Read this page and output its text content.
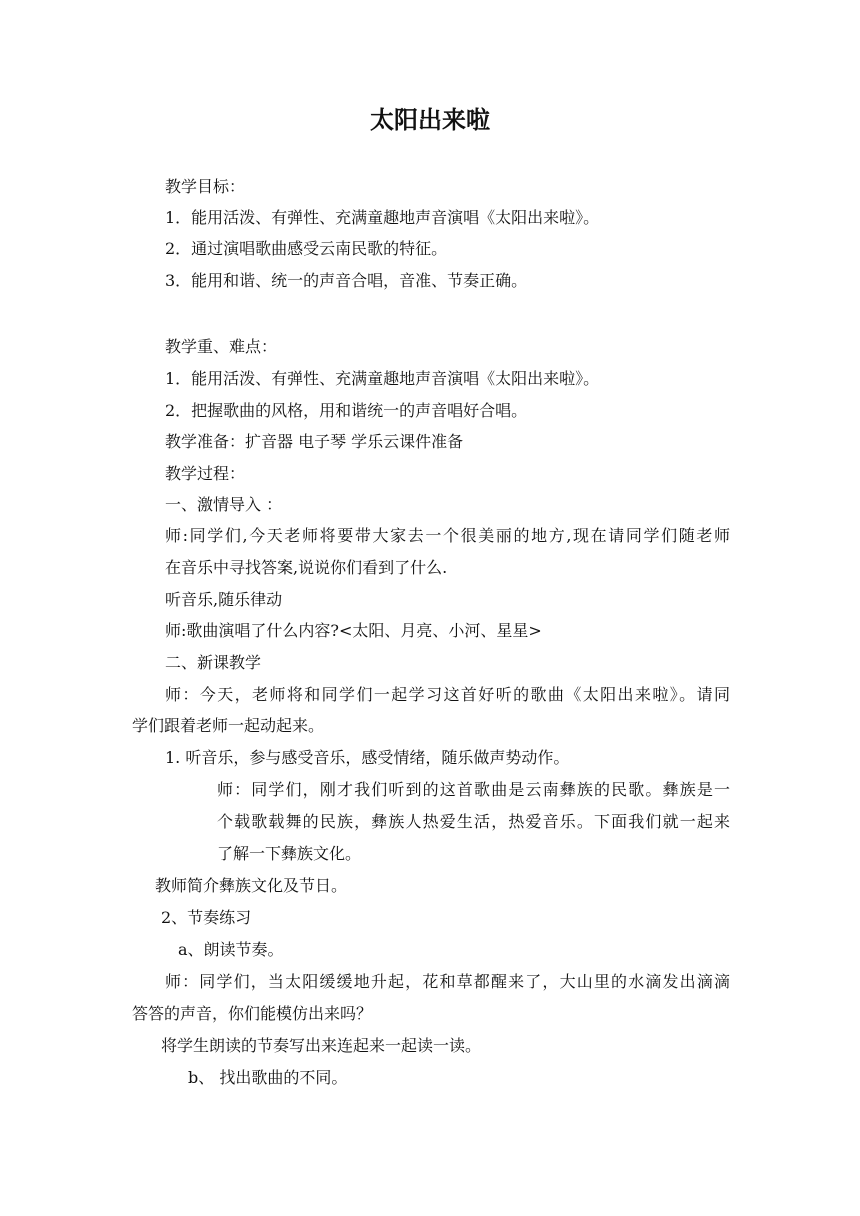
太阳出来啦
教学目标：
1．能用活泼、有弹性、充满童趣地声音演唱《太阳出来啦》。
2．通过演唱歌曲感受云南民歌的特征。
3．能用和谐、统一的声音合唱，音准、节奏正确。
教学重、难点：
1．能用活泼、有弹性、充满童趣地声音演唱《太阳出来啦》。
2．把握歌曲的风格，用和谐统一的声音唱好合唱。
教学准备：扩音器 电子琴 学乐云课件准备
教学过程：
一、激情导入 ：
师:同学们,今天老师将要带大家去一个很美丽的地方,现在请同学们随老师
在音乐中寻找答案,说说你们看到了什么.
听音乐,随乐律动
师:歌曲演唱了什么内容?<太阳、月亮、小河、星星>
二、新课教学
师：今天，老师将和同学们一起学习这首好听的歌曲《太阳出来啦》。请同
学们跟着老师一起动起来。
1. 听音乐，参与感受音乐，感受情绪，随乐做声势动作。
师：同学们，刚才我们听到的这首歌曲是云南彝族的民歌。彝族是一
个载歌载舞的民族，彝族人热爱生活，热爱音乐。下面我们就一起来
了解一下彝族文化。
教师简介彝族文化及节日。
2、节奏练习
a、朗读节奏。
师：同学们，当太阳缓缓地升起，花和草都醒来了，大山里的水滴发出滴滴
答答的声音，你们能模仿出来吗？
将学生朗读的节奏写出来连起来一起读一读。
b、 找出歌曲的不同。
